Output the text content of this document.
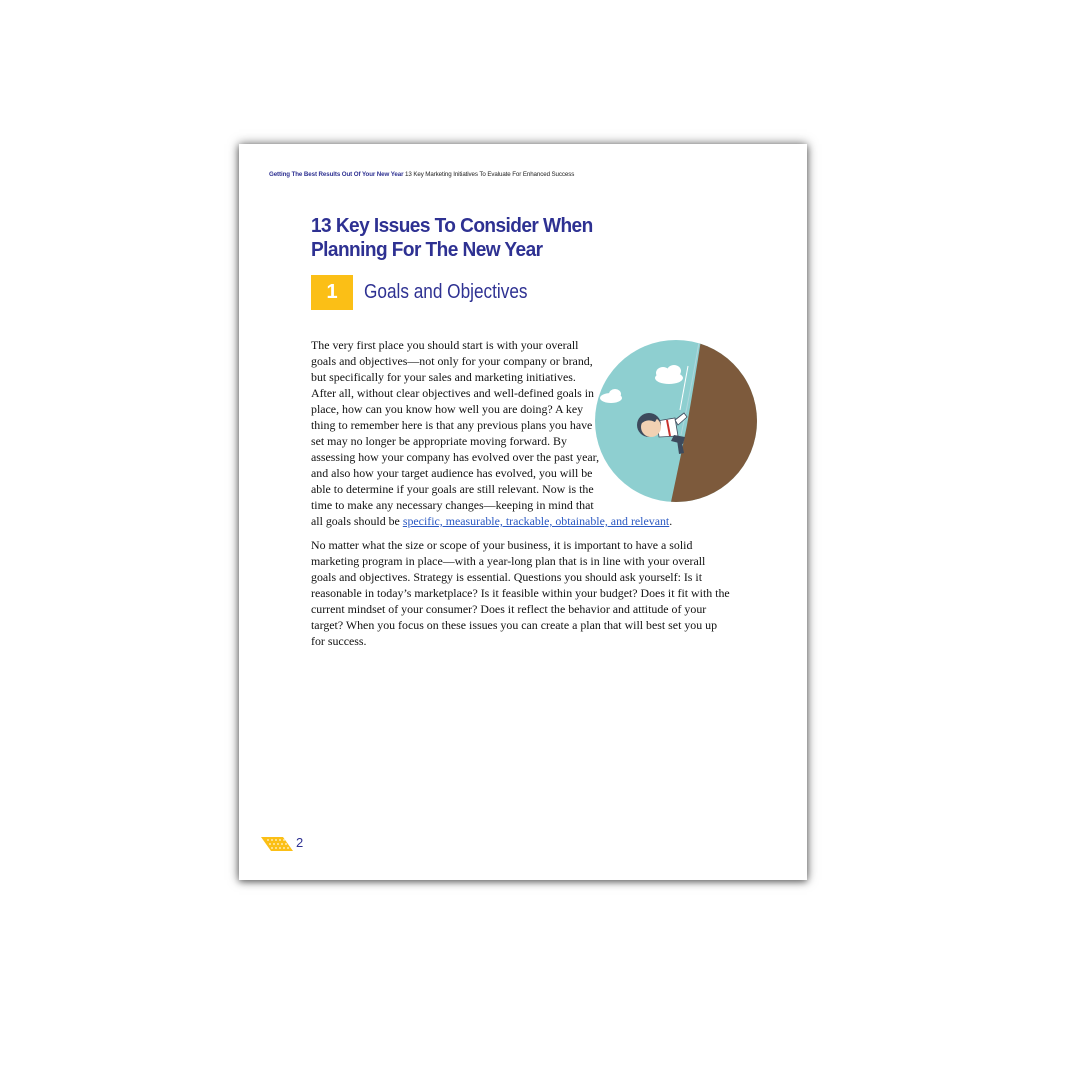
Getting The Best Results Out Of Your New Year 13 Key Marketing Initiatives To Evaluate For Enhanced Success
13 Key Issues To Consider When
Planning For The New Year
1	Goals and Objectives

The very first place you should start is with your overall goals and objectives—not only for your company or brand, but specifically for your sales and marketing initiatives. After all, without clear objectives and well-defined goals in place, how can you know how well you are doing? A key thing to remember here is that any previous plans you have set may no longer be appropriate moving forward. By assessing how your company has evolved over the past year, and also how your target audience has evolved, you will be able to determine if your goals are still relevant. Now is the time to make any necessary changes—keeping in mind that all goals should be specific, measurable, trackable, obtainable, and relevant.

No matter what the size or scope of your business, it is important to have a solid marketing program in place—with a year-long plan that is in line with your overall goals and objectives. Strategy is essential. Questions you should ask yourself: Is it reasonable in today’s marketplace? Is it feasible within your budget? Does it fit with the current mindset of your consumer? Does it reflect the behavior and attitude of your target? When you focus on these issues you can create a plan that will best set you up for success.

2
